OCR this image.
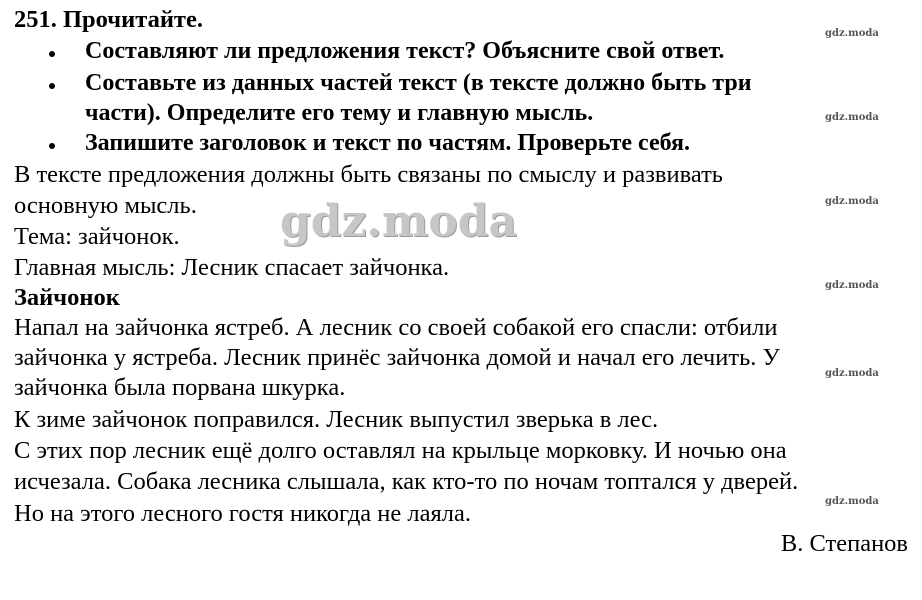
251. Прочитайте.
Составляют ли предложения текст? Объясните свой ответ.
Составьте из данных частей текст (в тексте должно быть три
части). Определите его тему и главную мысль.
Запишите заголовок и текст по частям. Проверьте себя.
В тексте предложения должны быть связаны по смыслу и развивать
основную мысль.
Тема: зайчонок.
Главная мысль: Лесник спасает зайчонка.
Зайчонок
Напал на зайчонка ястреб. А лесник со своей собакой его спасли: отбили
зайчонка у ястреба. Лесник принёс зайчонка домой и начал его лечить. У
зайчонка была порвана шкурка.
К зиме зайчонок поправился. Лесник выпустил зверька в лес.
С этих пор лесник ещё долго оставлял на крыльце морковку. И ночью она
исчезала. Собака лесника слышала, как кто-то по ночам топтался у дверей.
Но на этого лесного гостя никогда не лаяла.
В. Степанов
gdz.moda
gdz.moda
gdz.moda
gdz.moda
gdz.moda
gdz.moda
gdz.moda
